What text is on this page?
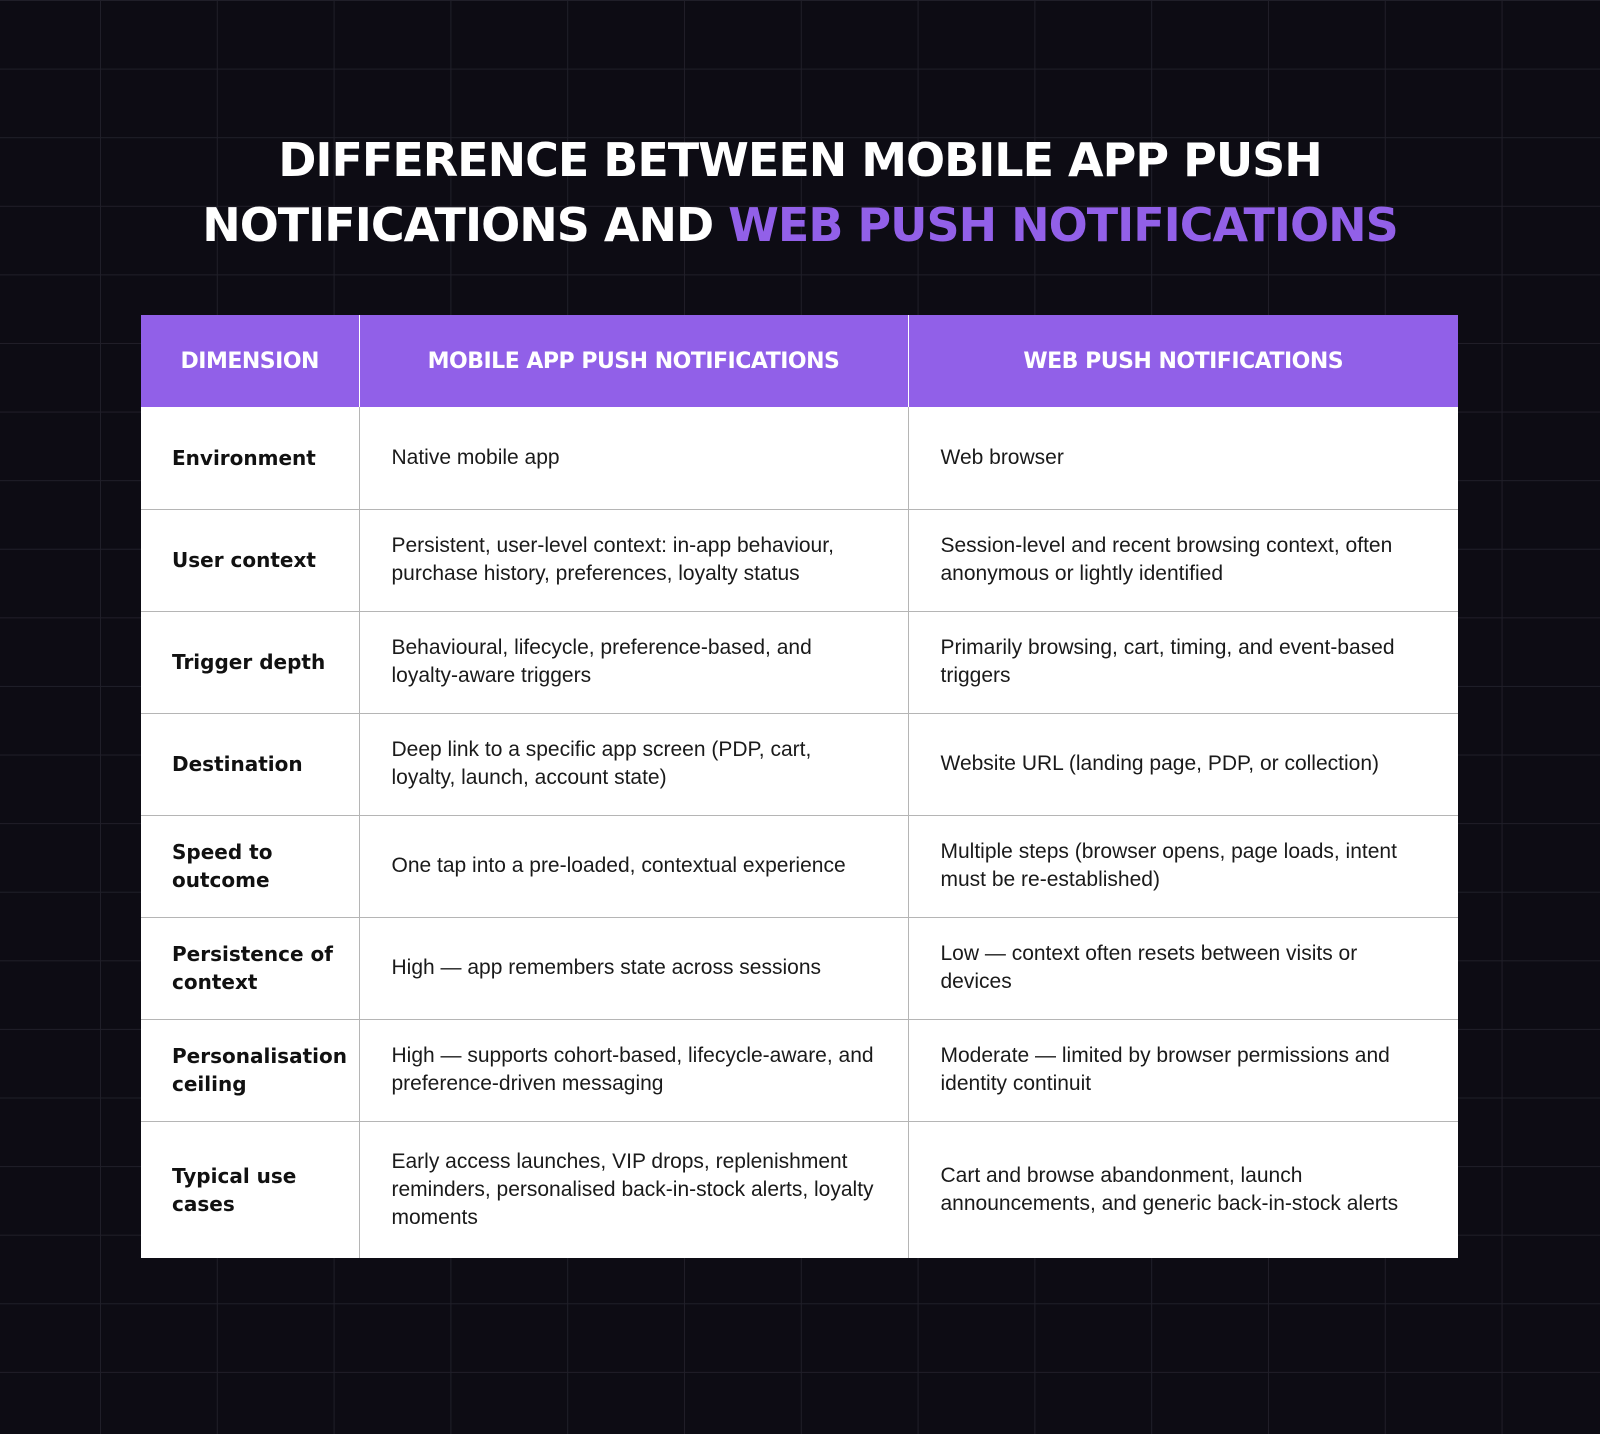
DIFFERENCE BETWEEN MOBILE APP PUSH
NOTIFICATIONS AND WEB PUSH NOTIFICATIONS
DIMENSION	MOBILE APP PUSH NOTIFICATIONS	WEB PUSH NOTIFICATIONS
Environment	Native mobile app	Web browser
User context	Persistent, user-level context: in-app behaviour, purchase history, preferences, loyalty status	Session-level and recent browsing context, often anonymous or lightly identified
Trigger depth	Behavioural, lifecycle, preference-based, and loyalty-aware triggers	Primarily browsing, cart, timing, and event-based triggers
Destination	Deep link to a specific app screen (PDP, cart, loyalty, launch, account state)	Website URL (landing page, PDP, or collection)
Speed to outcome	One tap into a pre-loaded, contextual experience	Multiple steps (browser opens, page loads, intent must be re-established)
Persistence of context	High — app remembers state across sessions	Low — context often resets between visits or devices
Personalisation ceiling	High — supports cohort-based, lifecycle-aware, and preference-driven messaging	Moderate — limited by browser permissions and identity continuit
Typical use cases	Early access launches, VIP drops, replenishment reminders, personalised back-in-stock alerts, loyalty moments	Cart and browse abandonment, launch announcements, and generic back-in-stock alerts
